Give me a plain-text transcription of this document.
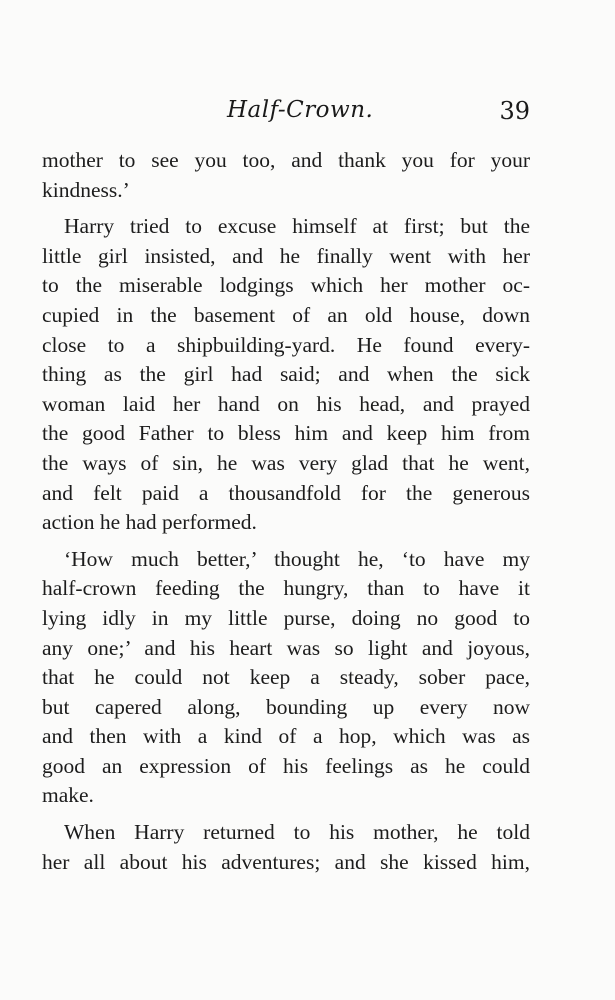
Half-Crown.	39
mother to see you too, and thank you for your
kindness.’
Harry tried to excuse himself at first; but the
little girl insisted, and he finally went with her
to the miserable lodgings which her mother oc-
cupied in the basement of an old house, down
close to a shipbuilding-yard. He found every-
thing as the girl had said; and when the sick
woman laid her hand on his head, and prayed
the good Father to bless him and keep him from
the ways of sin, he was very glad that he went,
and felt paid a thousandfold for the generous
action he had performed.
‘How much better,’ thought he, ‘to have my
half-crown feeding the hungry, than to have it
lying idly in my little purse, doing no good to
any one;’ and his heart was so light and joyous,
that he could not keep a steady, sober pace,
but capered along, bounding up every now
and then with a kind of a hop, which was as
good an expression of his feelings as he could
make.
When Harry returned to his mother, he told
her all about his adventures; and she kissed him,
